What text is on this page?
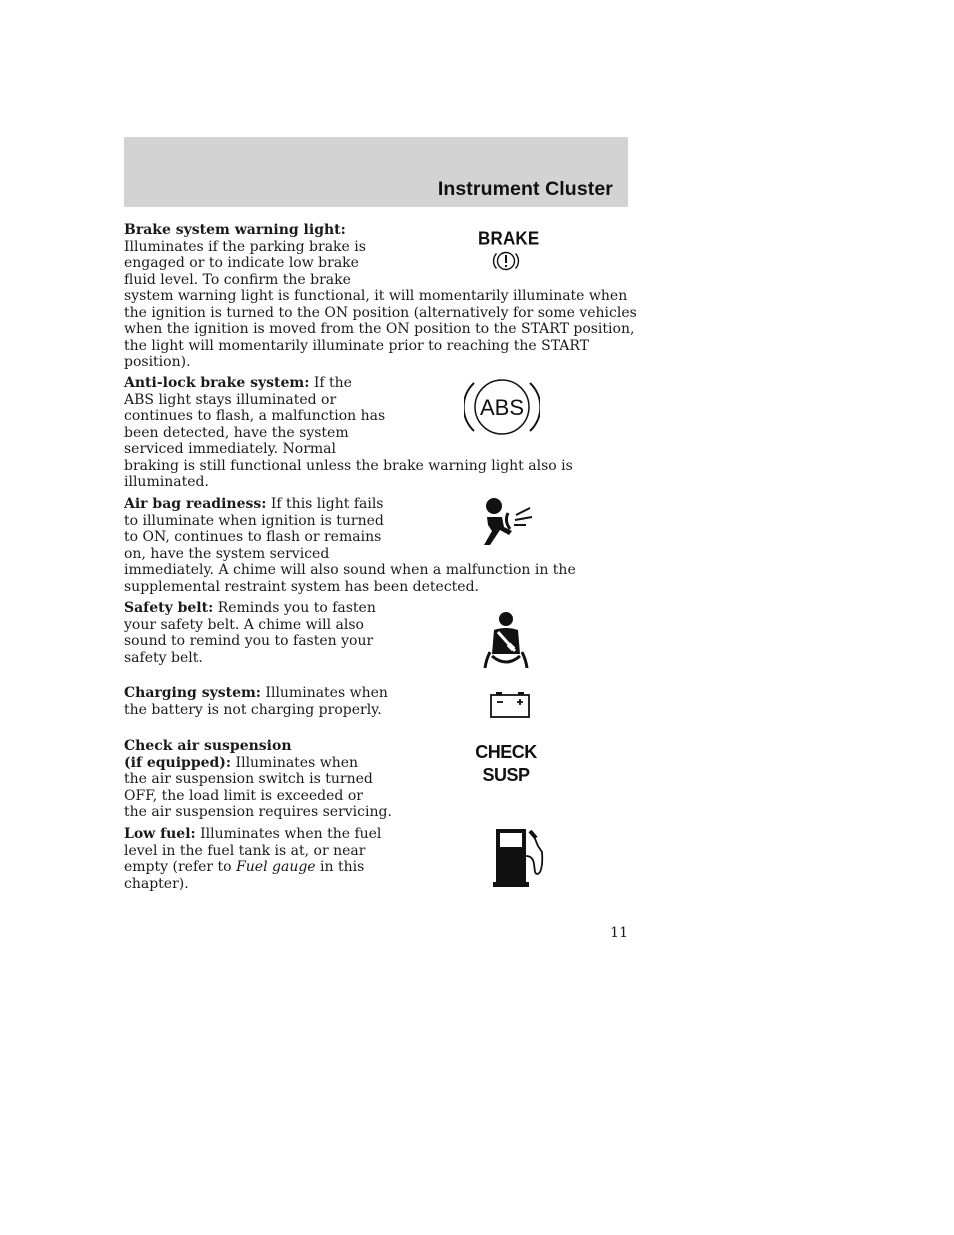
Instrument Cluster
Brake system warning light:
Illuminates if the parking brake is
engaged or to indicate low brake
fluid level. To confirm the brake
system warning light is functional, it will momentarily illuminate when
the ignition is turned to the ON position (alternatively for some vehicles
when the ignition is moved from the ON position to the START position,
the light will momentarily illuminate prior to reaching the START
position).
BRAKE
Anti-lock brake system: If the
ABS light stays illuminated or
continues to flash, a malfunction has
been detected, have the system
serviced immediately. Normal
braking is still functional unless the brake warning light also is
illuminated.
ABS
Air bag readiness: If this light fails
to illuminate when ignition is turned
to ON, continues to flash or remains
on, have the system serviced
immediately. A chime will also sound when a malfunction in the
supplemental restraint system has been detected.
Safety belt: Reminds you to fasten
your safety belt. A chime will also
sound to remind you to fasten your
safety belt.
Charging system: Illuminates when
the battery is not charging properly.
Check air suspension
(if equipped): Illuminates when
the air suspension switch is turned
OFF, the load limit is exceeded or
the air suspension requires servicing.
CHECK
SUSP
Low fuel: Illuminates when the fuel
level in the fuel tank is at, or near
empty (refer to Fuel gauge in this
chapter).
11
